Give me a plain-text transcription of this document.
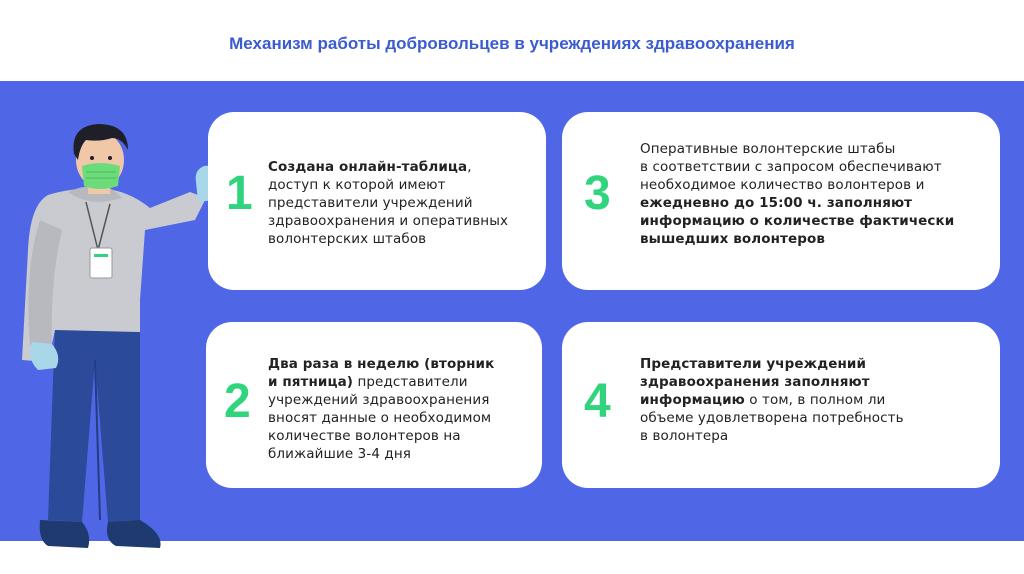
Механизм работы добровольцев в учреждениях здравоохранения
1 Создана онлайн-таблица,
доступ к которой имеют
представители учреждений
здравоохранения и оперативных
волонтерских штабов
3
Оперативные волонтерские штабы
в соответствии с запросом обеспечивают
необходимое количество волонтеров и
ежедневно до 15:00 ч. заполняют
информацию о количестве фактически
вышедших волонтеров
2
Два раза в неделю (вторник
и пятница) представители
учреждений здравоохранения
вносят данные о необходимом
количестве волонтеров на
ближайшие 3-4 дня
4
Представители учреждений
здравоохранения заполняют
информацию о том, в полном ли
объеме удовлетворена потребность
в волонтера
